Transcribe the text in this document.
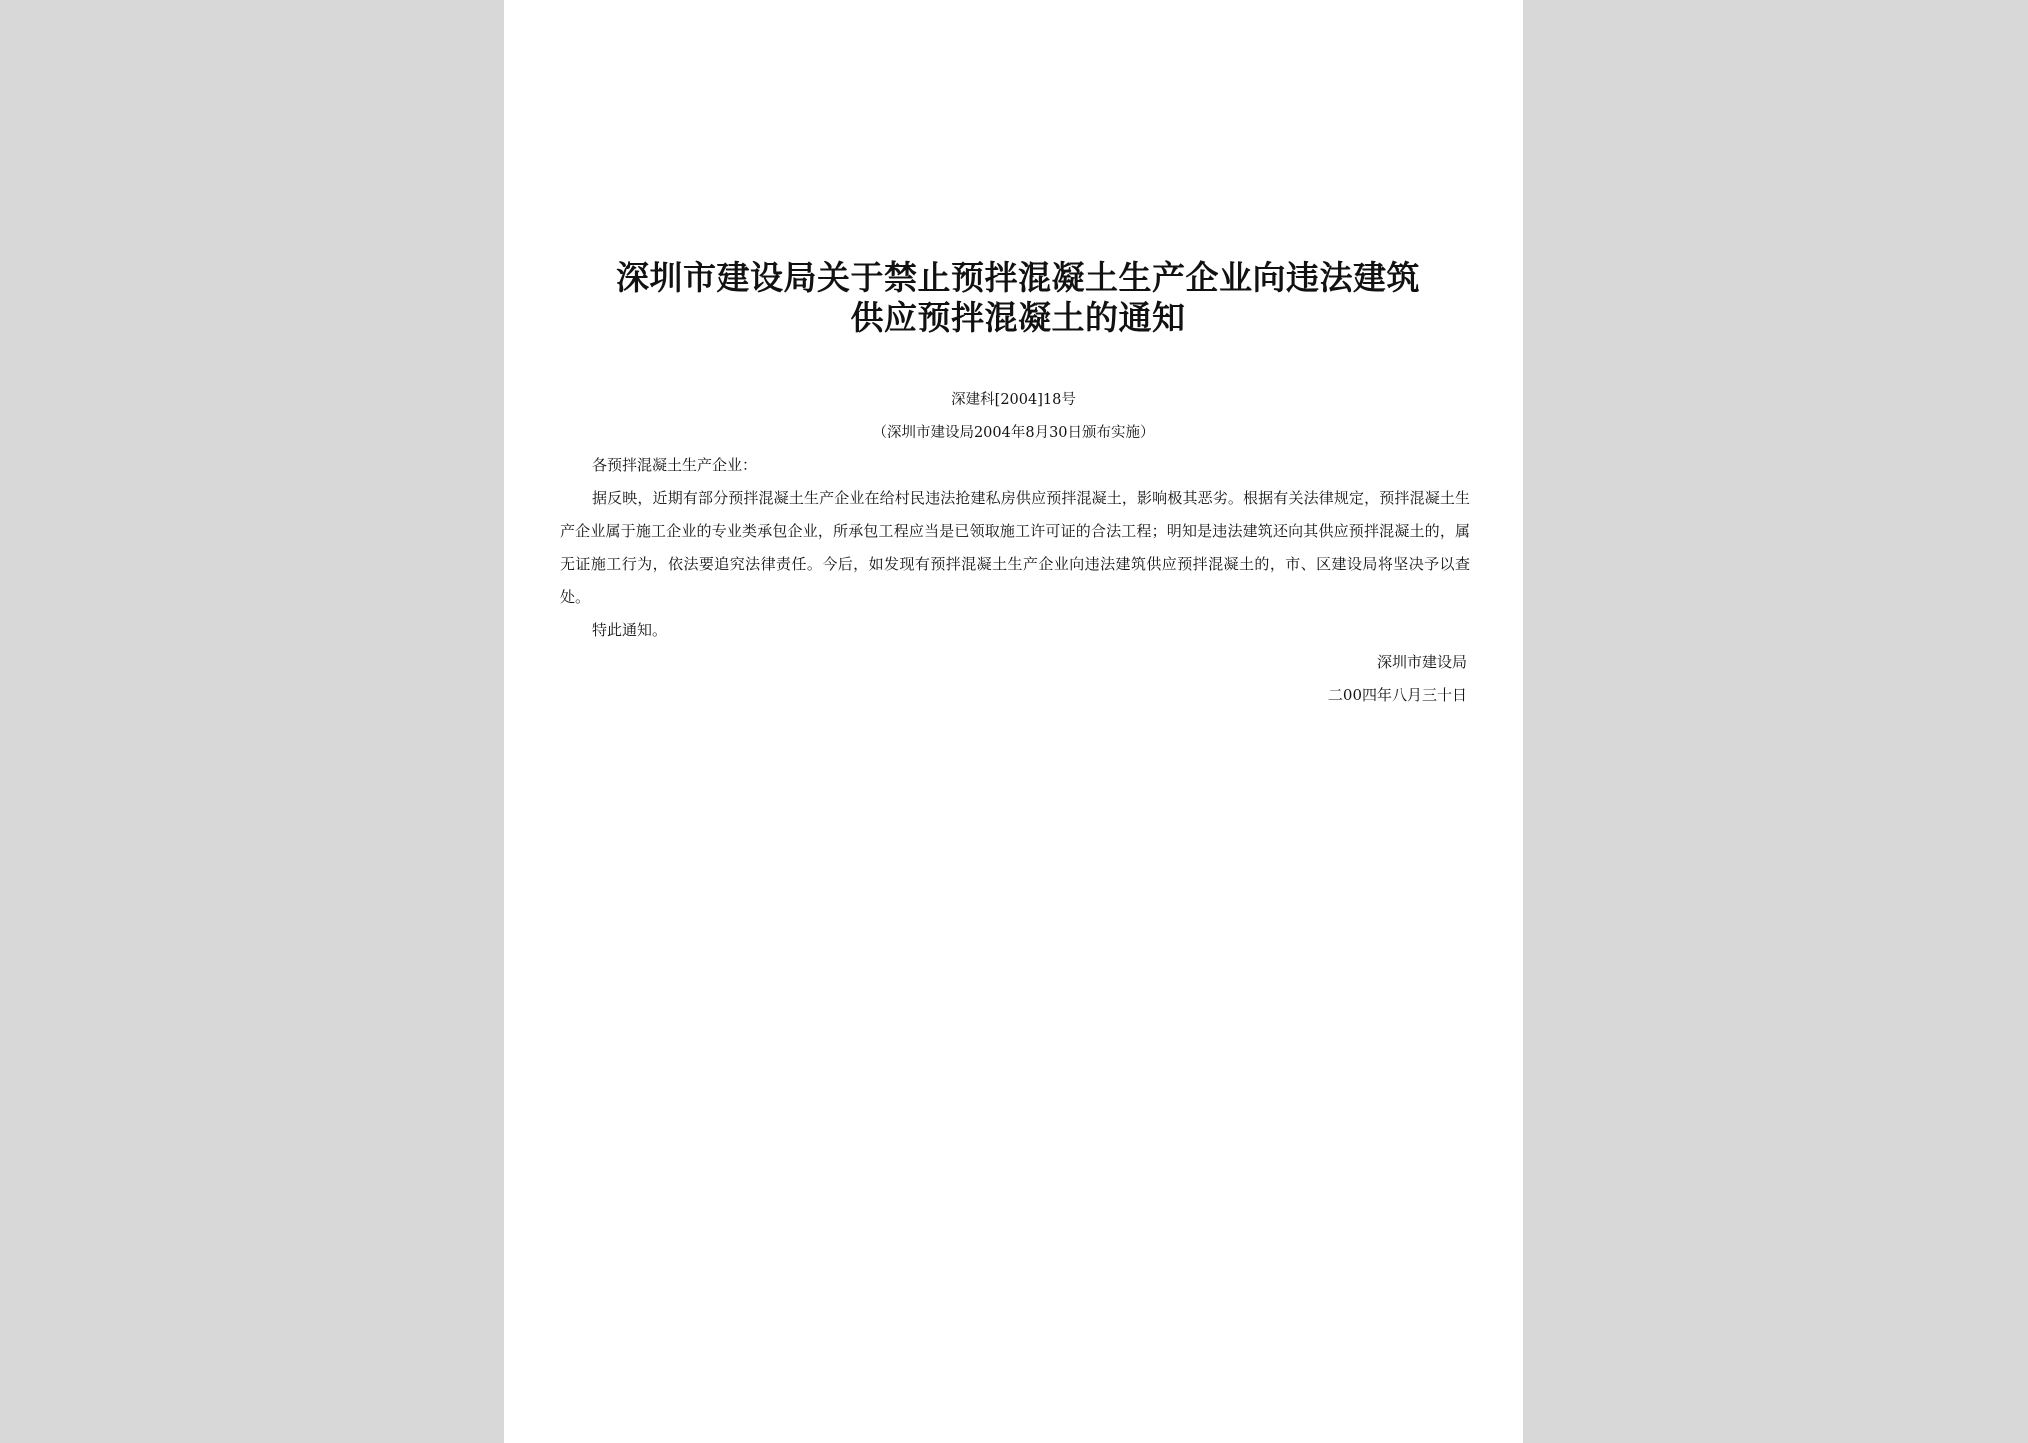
深圳市建设局关于禁止预拌混凝土生产企业向违法建筑供应预拌混凝土的通知
深建科[2004]18号
（深圳市建设局2004年8月30日颁布实施）

各预拌混凝土生产企业：

据反映，近期有部分预拌混凝土生产企业在给村民违法抢建私房供应预拌混凝土，影响极其恶劣。根据有关法律规定，预拌混凝土生产企业属于施工企业的专业类承包企业，所承包工程应当是已领取施工许可证的合法工程；明知是违法建筑还向其供应预拌混凝土的，属无证施工行为，依法要追究法律责任。今后，如发现有预拌混凝土生产企业向违法建筑供应预拌混凝土的，市、区建设局将坚决予以查处。

特此通知。

深圳市建设局
二00四年八月三十日
